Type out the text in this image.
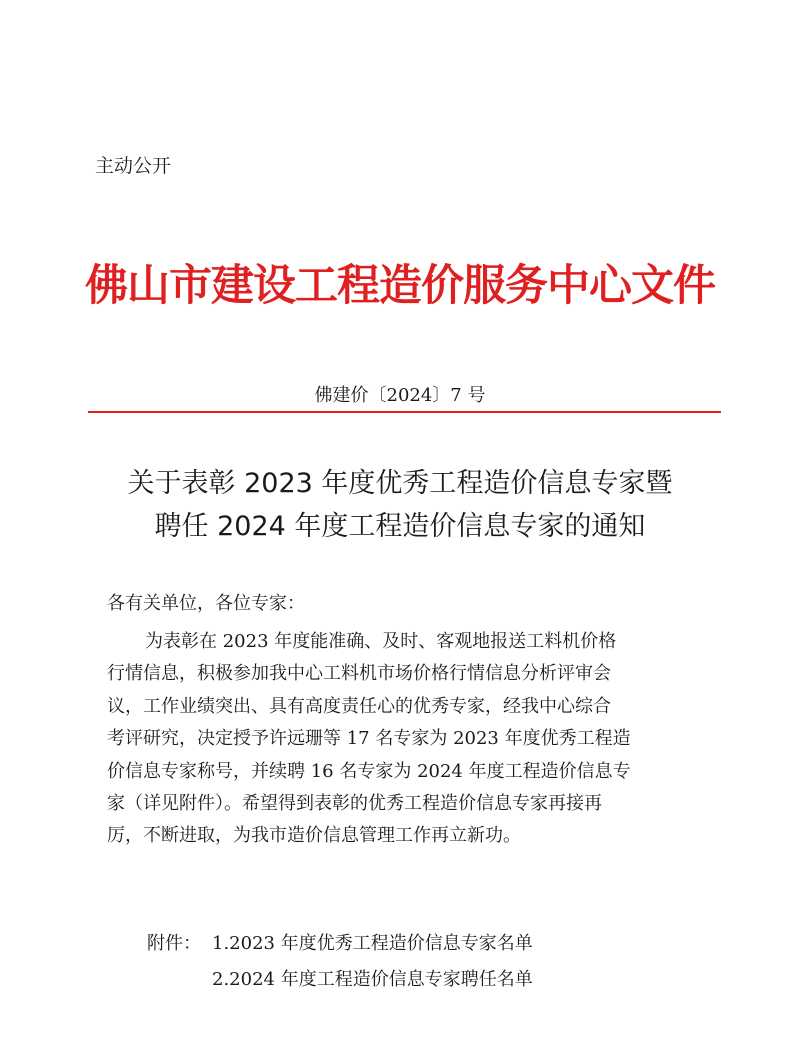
主动公开
佛山市建设工程造价服务中心文件
佛建价〔2024〕7 号
关于表彰 2023 年度优秀工程造价信息专家暨
聘任 2024 年度工程造价信息专家的通知
各有关单位，各位专家：
为表彰在 2023 年度能准确、及时、客观地报送工料机价格
行情信息，积极参加我中心工料机市场价格行情信息分析评审会
议，工作业绩突出、具有高度责任心的优秀专家，经我中心综合
考评研究，决定授予许远珊等 17 名专家为 2023 年度优秀工程造
价信息专家称号，并续聘 16 名专家为 2024 年度工程造价信息专
家（详见附件）。希望得到表彰的优秀工程造价信息专家再接再
厉，不断进取，为我市造价信息管理工作再立新功。
附件： 1.2023 年度优秀工程造价信息专家名单
2.2024 年度工程造价信息专家聘任名单
